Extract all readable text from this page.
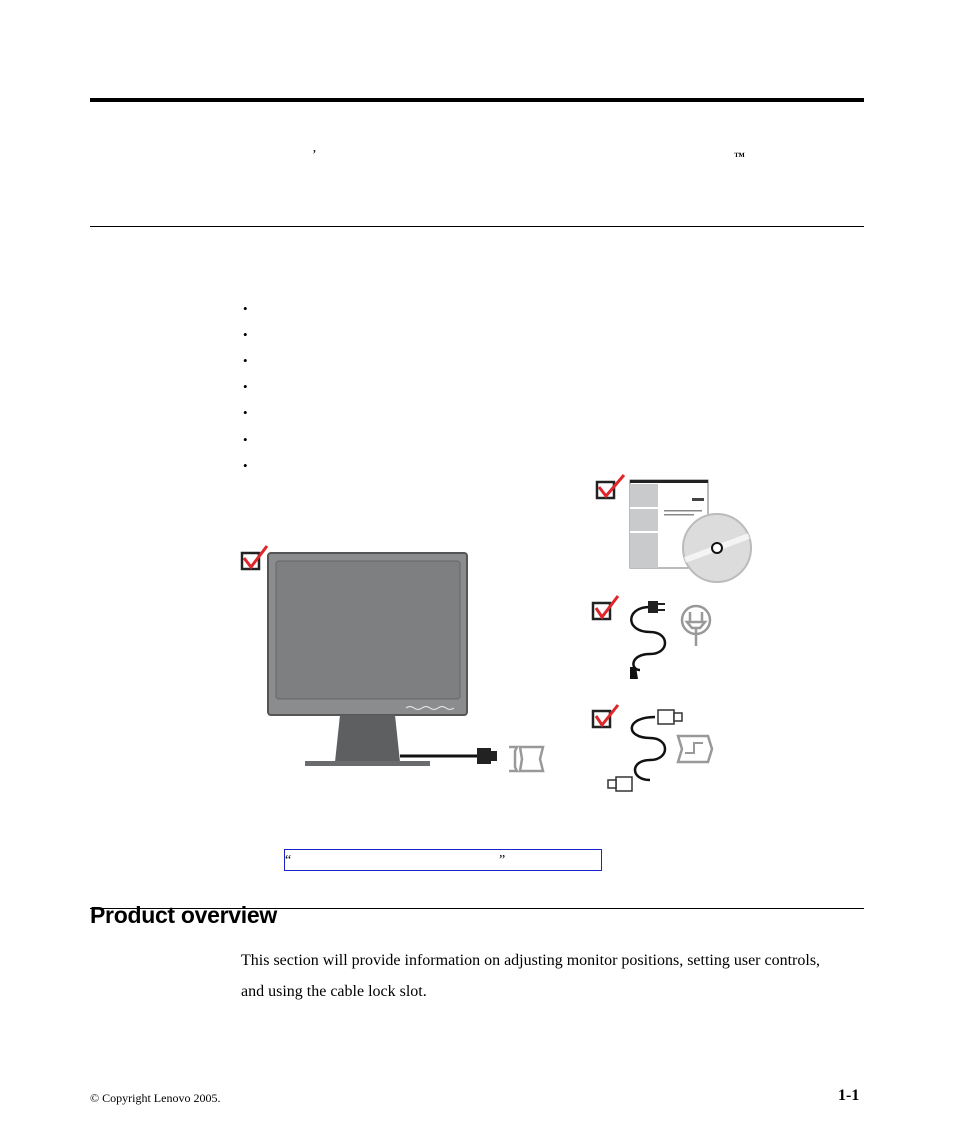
’	™
•
•
•
•
•
•
•
“	”
Product overview
This section will provide information on adjusting monitor positions, setting user controls, and using the cable lock slot.
© Copyright Lenovo 2005.	1-1
